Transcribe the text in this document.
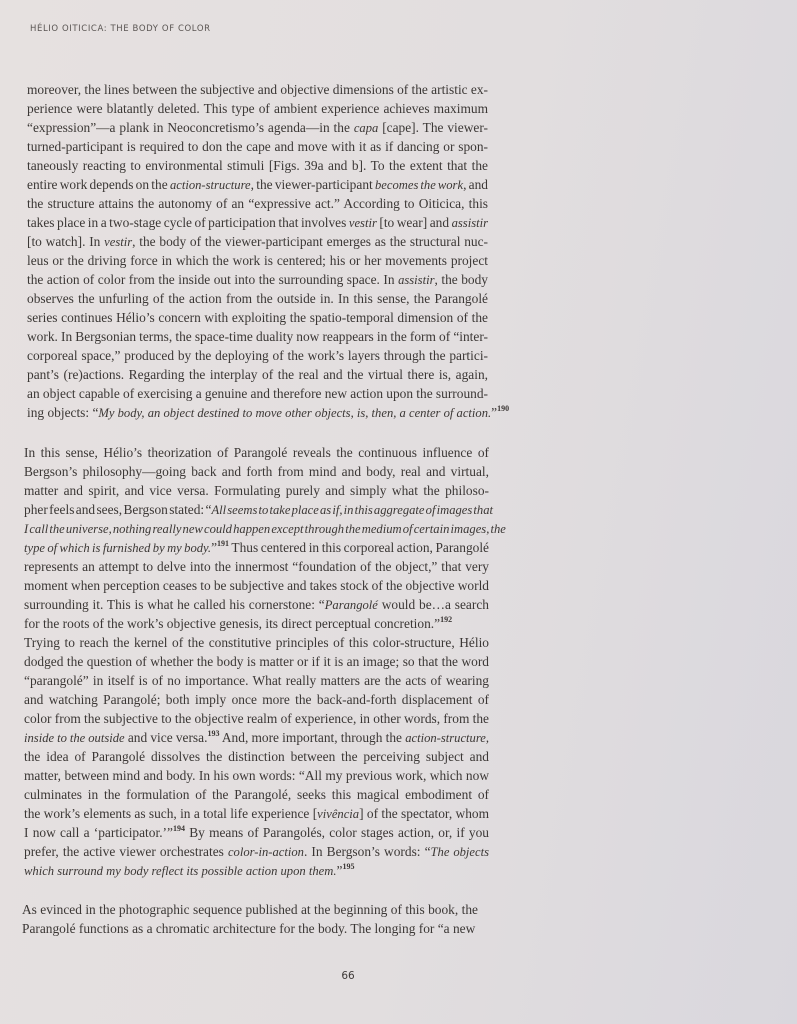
HÉLIO OITICICA: THE BODY OF COLOR
moreover, the lines between the subjective and objective dimensions of the artistic ex-
perience were blatantly deleted. This type of ambient experience achieves maximum
“expression”—a plank in Neoconcretismo’s agenda—in the capa [cape]. The viewer-
turned-participant is required to don the cape and move with it as if dancing or spon-
taneously reacting to environmental stimuli [Figs. 39a and b]. To the extent that the
entire work depends on the action-structure, the viewer-participant becomes the work, and
the structure attains the autonomy of an “expressive act.” According to Oiticica, this
takes place in a two-stage cycle of participation that involves vestir [to wear] and assistir
[to watch]. In vestir, the body of the viewer-participant emerges as the structural nuc-
leus or the driving force in which the work is centered; his or her movements project
the action of color from the inside out into the surrounding space. In assistir, the body
observes the unfurling of the action from the outside in. In this sense, the Parangolé
series continues Hélio’s concern with exploiting the spatio-temporal dimension of the
work. In Bergsonian terms, the space-time duality now reappears in the form of “inter-
corporeal space,” produced by the deploying of the work’s layers through the partici-
pant’s (re)actions. Regarding the interplay of the real and the virtual there is, again,
an object capable of exercising a genuine and therefore new action upon the surround-
ing objects: “My body, an object destined to move other objects, is, then, a center of action.”$^{190}$
In this sense, Hélio’s theorization of Parangolé reveals the continuous influence of
Bergson’s philosophy—going back and forth from mind and body, real and virtual,
matter and spirit, and vice versa. Formulating purely and simply what the philoso-
pher feels and sees, Bergson stated: “All seems to take place as if, in this aggregate of images that
I call the universe, nothing really new could happen except through the medium of certain images, the
type of which is furnished by my body.”$^{191}$ Thus centered in this corporeal action, Parangolé
represents an attempt to delve into the innermost “foundation of the object,” that very
moment when perception ceases to be subjective and takes stock of the objective world
surrounding it. This is what he called his cornerstone: “Parangolé would be…a search
for the roots of the work’s objective genesis, its direct perceptual concretion.”$^{192}$
Trying to reach the kernel of the constitutive principles of this color-structure, Hélio
dodged the question of whether the body is matter or if it is an image; so that the word
“parangolé” in itself is of no importance. What really matters are the acts of wearing
and watching Parangolé; both imply once more the back-and-forth displacement of
color from the subjective to the objective realm of experience, in other words, from the
inside to the outside and vice versa.$^{193}$ And, more important, through the action-structure,
the idea of Parangolé dissolves the distinction between the perceiving subject and
matter, between mind and body. In his own words: “All my previous work, which now
culminates in the formulation of the Parangolé, seeks this magical embodiment of
the work’s elements as such, in a total life experience [vivência] of the spectator, whom
I now call a ‘participator.’”$^{194}$ By means of Parangolés, color stages action, or, if you
prefer, the active viewer orchestrates color-in-action. In Bergson’s words: “The objects
which surround my body reflect its possible action upon them.”$^{195}$
As evinced in the photographic sequence published at the beginning of this book, the
Parangolé functions as a chromatic architecture for the body. The longing for “a new
66
